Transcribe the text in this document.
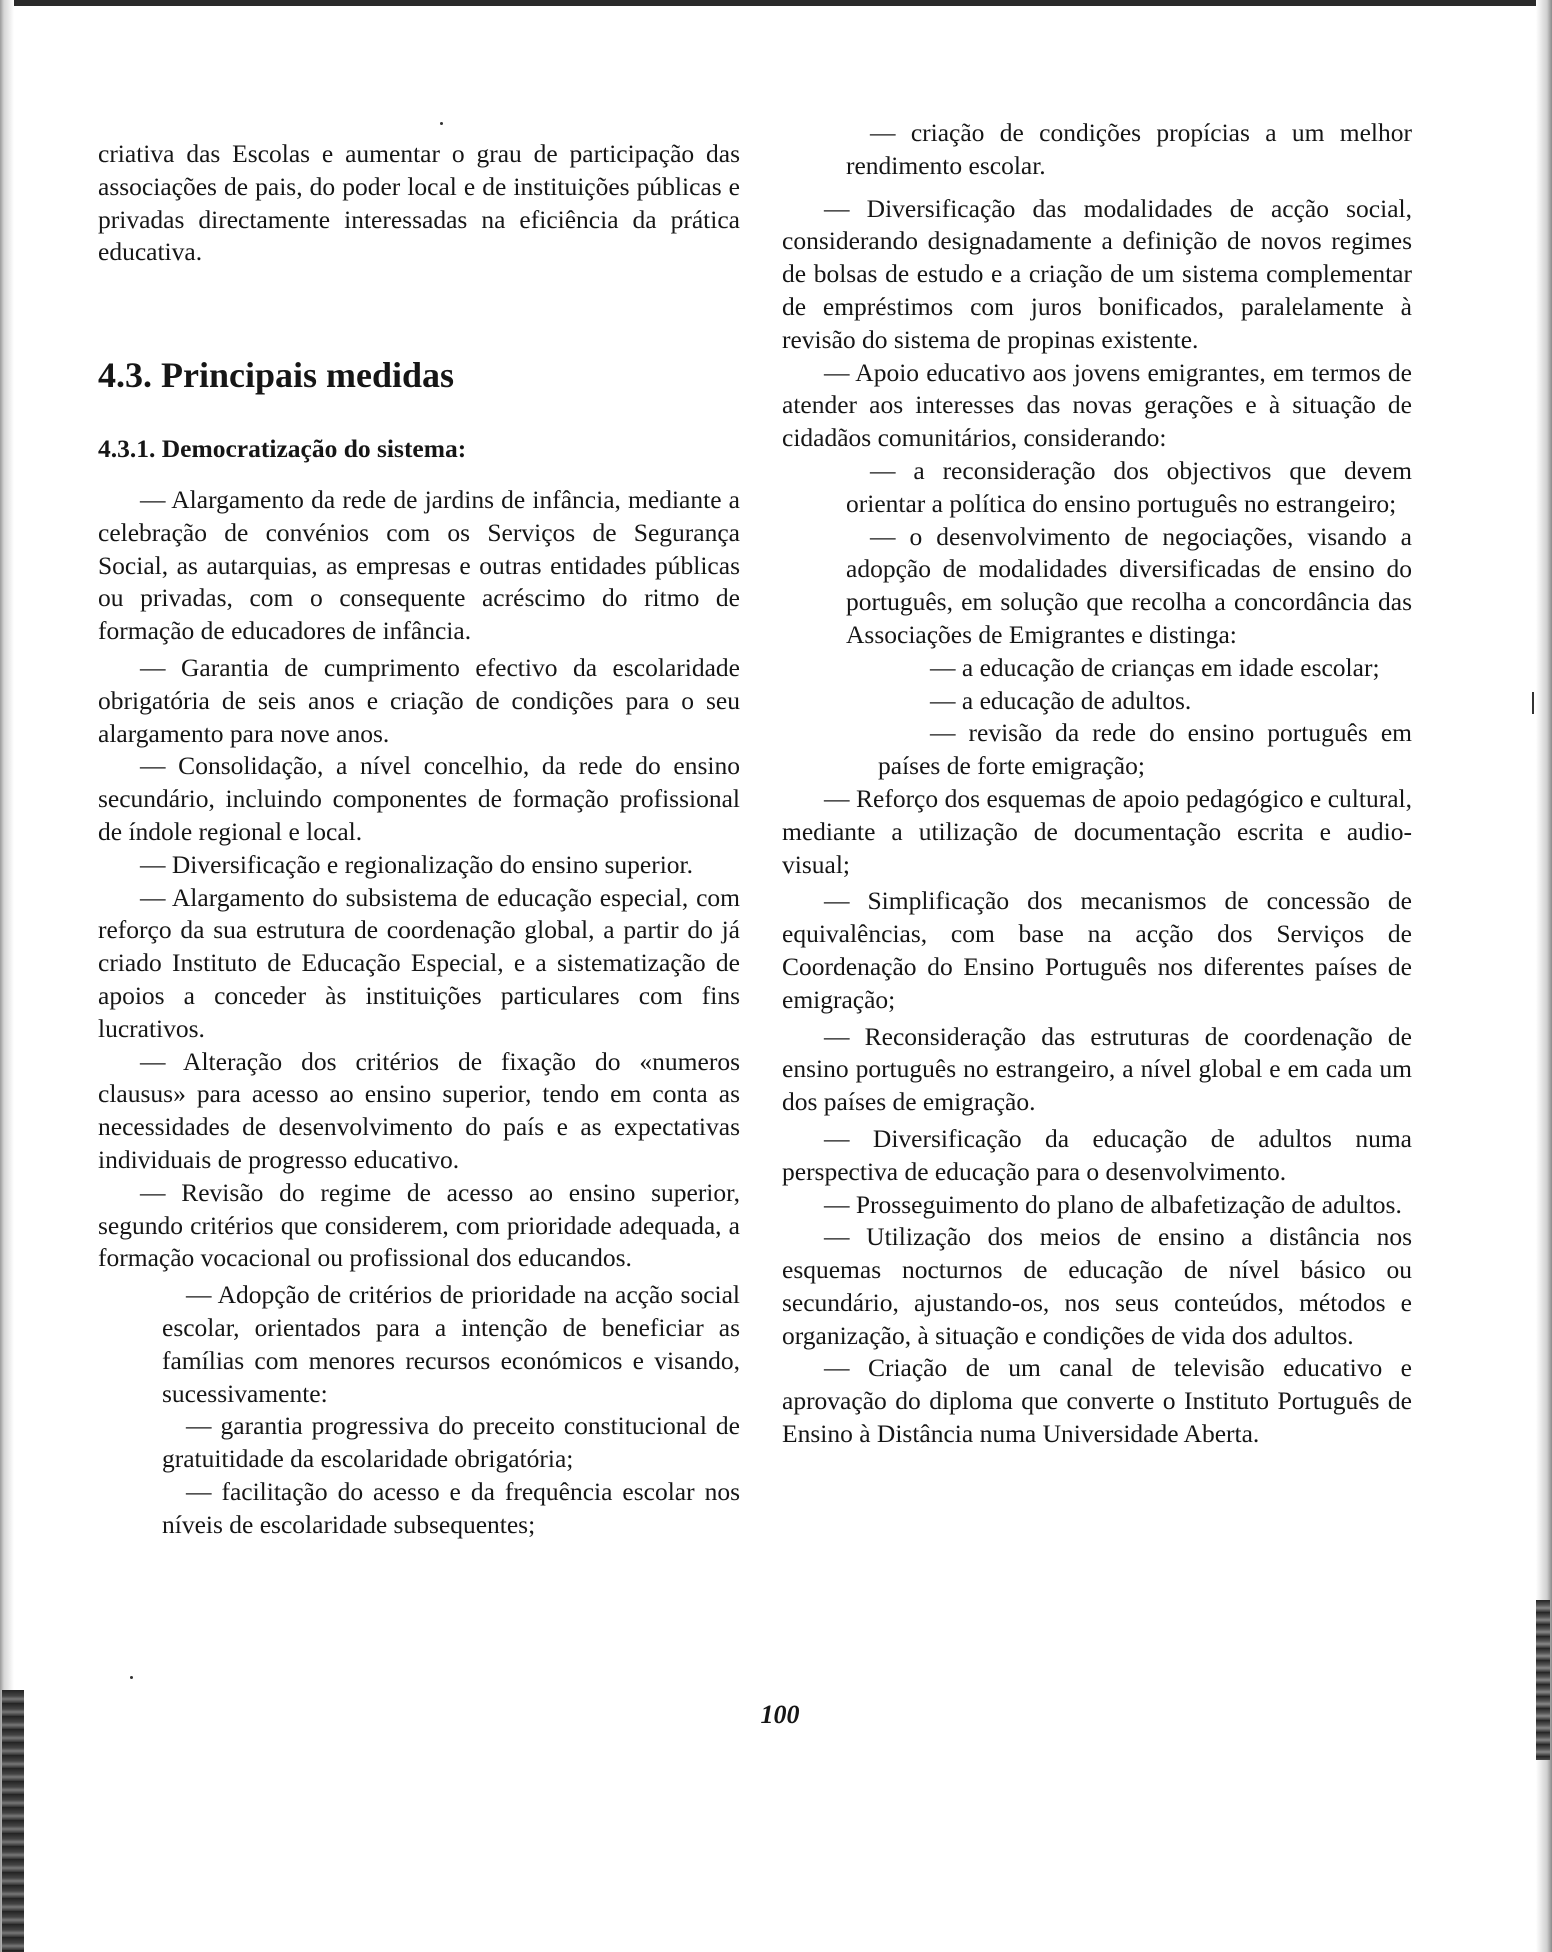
criativa das Escolas e aumentar o grau de participação das associações de pais, do poder local e de instituições públicas e privadas directamente interessadas na eficiência da prática educativa.

4.3. Principais medidas
4.3.1. Democratização do sistema:

— Alargamento da rede de jardins de infância, mediante a celebração de convénios com os Serviços de Segurança Social, as autarquias, as empresas e outras entidades públicas ou privadas, com o consequente acréscimo do ritmo de formação de educadores de infância.

— Garantia de cumprimento efectivo da escolaridade obrigatória de seis anos e criação de condições para o seu alargamento para nove anos.

— Consolidação, a nível concelhio, da rede do ensino secundário, incluindo componentes de formação profissional de índole regional e local.

— Diversificação e regionalização do ensino superior.

— Alargamento do subsistema de educação especial, com reforço da sua estrutura de coordenação global, a partir do já criado Instituto de Educação Especial, e a sistematização de apoios a conceder às instituições particulares com fins lucrativos.

— Alteração dos critérios de fixação do «numeros clausus» para acesso ao ensino superior, tendo em conta as necessidades de desenvolvimento do país e as expectativas individuais de progresso educativo.

— Revisão do regime de acesso ao ensino superior, segundo critérios que considerem, com prioridade adequada, a formação vocacional ou profissional dos educandos.

— Adopção de critérios de prioridade na acção social escolar, orientados para a intenção de beneficiar as famílias com menores recursos económicos e visando, sucessivamente:

— garantia progressiva do preceito constitucional de gratuitidade da escolaridade obrigatória;

— facilitação do acesso e da frequência escolar nos níveis de escolaridade subsequentes;

— criação de condições propícias a um melhor rendimento escolar.

— Diversificação das modalidades de acção social, considerando designadamente a definição de novos regimes de bolsas de estudo e a criação de um sistema complementar de empréstimos com juros bonificados, paralelamente à revisão do sistema de propinas existente.

— Apoio educativo aos jovens emigrantes, em termos de atender aos interesses das novas gerações e à situação de cidadãos comunitários, considerando:

— a reconsideração dos objectivos que devem orientar a política do ensino português no estrangeiro;

— o desenvolvimento de negociações, visando a adopção de modalidades diversificadas de ensino do português, em solução que recolha a concordância das Associações de Emigrantes e distinga:

— a educação de crianças em idade escolar;

— a educação de adultos.

— revisão da rede do ensino português em países de forte emigração;

— Reforço dos esquemas de apoio pedagógico e cultural, mediante a utilização de documentação escrita e audio-visual;

— Simplificação dos mecanismos de concessão de equivalências, com base na acção dos Serviços de Coordenação do Ensino Português nos diferentes países de emigração;

— Reconsideração das estruturas de coordenação de ensino português no estrangeiro, a nível global e em cada um dos países de emigração.

— Diversificação da educação de adultos numa perspectiva de educação para o desenvolvimento.

— Prosseguimento do plano de albafetização de adultos.

— Utilização dos meios de ensino a distância nos esquemas nocturnos de educação de nível básico ou secundário, ajustando-os, nos seus conteúdos, métodos e organização, à situação e condições de vida dos adultos.

— Criação de um canal de televisão educativo e aprovação do diploma que converte o Instituto Português de Ensino à Distância numa Universidade Aberta.

100
